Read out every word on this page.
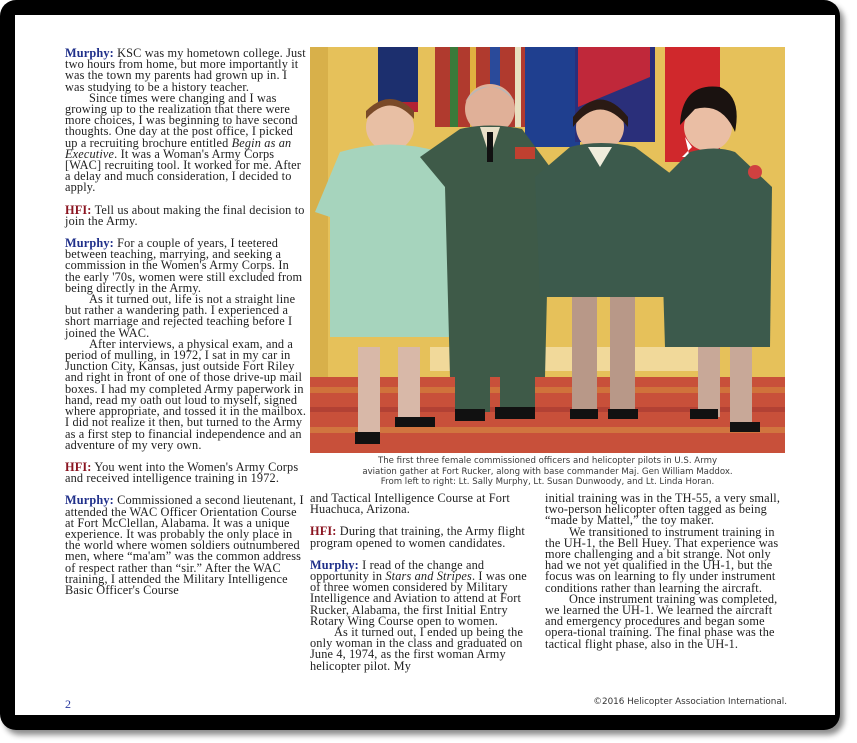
Murphy: KSC was my hometown college. Just two hours from home, but more importantly it was the town my parents had grown up in. I was studying to be a history teacher.

Since times were changing and I was growing up to the realization that there were more choices, I was beginning to have second thoughts. One day at the post office, I picked up a recruiting brochure entitled Begin as an Executive. It was a Woman's Army Corps [WAC] recruiting tool. It worked for me. After a delay and much consideration, I decided to apply.

HFI: Tell us about making the final decision to join the Army.

Murphy: For a couple of years, I teetered between teaching, marrying, and seeking a commission in the Women's Army Corps. In the early '70s, women were still excluded from being directly in the Army.

As it turned out, life is not a straight line but rather a wandering path. I experienced a short marriage and rejected teaching before I joined the WAC.

After interviews, a physical exam, and a period of mulling, in 1972, I sat in my car in Junction City, Kansas, just outside Fort Riley and right in front of one of those drive-up mail boxes. I had my completed Army paperwork in hand, read my oath out loud to myself, signed where appropriate, and tossed it in the mailbox. I did not realize it then, but turned to the Army as a first step to financial independence and an adventure of my very own.

HFI: You went into the Women's Army Corps and received intelligence training in 1972.

Murphy: Commissioned a second lieutenant, I attended the WAC Officer Orientation Course at Fort McClellan, Alabama. It was a unique experience. It was probably the only place in the world where women soldiers outnumbered men, where “ma'am” was the common address of respect rather than “sir.” After the WAC training, I attended the Military Intelligence Basic Officer's Course

The first three female commissioned officers and helicopter pilots in U.S. Army
aviation gather at Fort Rucker, along with base commander Maj. Gen William Maddox.
From left to right: Lt. Sally Murphy, Lt. Susan Dunwoody, and Lt. Linda Horan.

and Tactical Intelligence Course at Fort Huachuca, Arizona.

HFI: During that training, the Army flight program opened to women candidates.

Murphy: I read of the change and opportunity in Stars and Stripes. I was one of three women considered by Military Intelligence and Aviation to attend at Fort Rucker, Alabama, the first Initial Entry Rotary Wing Course open to women.

As it turned out, I ended up being the only woman in the class and graduated on June 4, 1974, as the first woman Army helicopter pilot. My

initial training was in the TH-55, a very small, two-person helicopter often tagged as being “made by Mattel,” the toy maker.

We transitioned to instrument training in the UH-1, the Bell Huey. That experience was more challenging and a bit strange. Not only had we not yet qualified in the UH-1, but the focus was on learning to fly under instrument conditions rather than learning the aircraft.

Once instrument training was completed, we learned the UH-1. We learned the aircraft and emergency procedures and began some opera-tional training. The final phase was the tactical flight phase, also in the UH-1.

2	©2016 Helicopter Association International.
